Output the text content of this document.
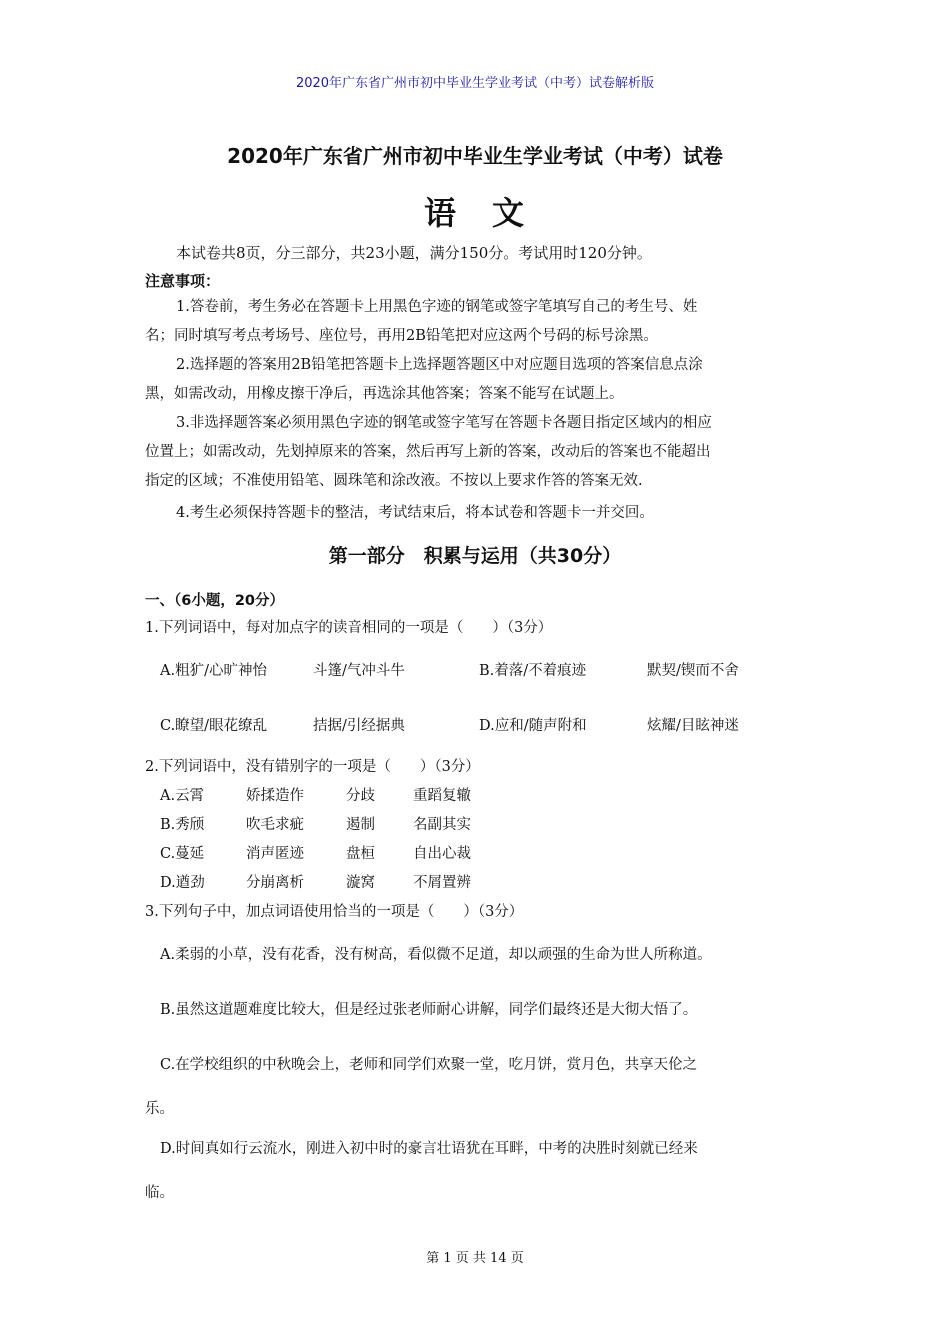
2020年广东省广州市初中毕业生学业考试（中考）试卷解析版
2020年广东省广州市初中毕业生学业考试（中考）试卷
语　文
本试卷共8页，分三部分，共23小题，满分150分。考试用时120分钟。
注意事项：
1.答卷前，考生务必在答题卡上用黑色字迹的钢笔或签字笔填写自己的考生号、姓
名；同时填写考点考场号、座位号，再用2B铅笔把对应这两个号码的标号涂黑。
2.选择题的答案用2B铅笔把答题卡上选择题答题区中对应题目选项的答案信息点涂
黑，如需改动，用橡皮擦干净后，再选涂其他答案；答案不能写在试题上。
3.非选择题答案必须用黑色字迹的钢笔或签字笔写在答题卡各题目指定区域内的相应
位置上；如需改动，先划掉原来的答案，然后再写上新的答案，改动后的答案也不能超出
指定的区域；不准使用铅笔、圆珠笔和涂改液。不按以上要求作答的答案无效.
4.考生必须保持答题卡的整洁，考试结束后，将本试卷和答题卡一并交回。
第一部分　积累与运用（共30分）
一、（6小题，20分）
1.下列词语中，每对加点字的读音相同的一项是（　　）（3分）
A.粗犷/心旷神怡	斗篷/气冲斗牛	B.着落/不着痕迹	默契/锲而不舍
C.瞭望/眼花缭乱	拮据/引经据典	D.应和/随声附和	炫耀/目眩神迷
2.下列词语中，没有错别字的一项是（　　）（3分）
A.云霄	娇揉造作	分歧	重蹈复辙
B.秀颀	吹毛求疵	遏制	名副其实
C.蔓延	消声匿迹	盘桓	自出心裁
D.遒劲	分崩离析	漩窝	不屑置辨
3.下列句子中，加点词语使用恰当的一项是（　　）（3分）
A.柔弱的小草，没有花香，没有树高，看似微不足道，却以顽强的生命为世人所称道。
B.虽然这道题难度比较大，但是经过张老师耐心讲解，同学们最终还是大彻大悟了。
C.在学校组织的中秋晚会上，老师和同学们欢聚一堂，吃月饼，赏月色，共享天伦之
乐。
D.时间真如行云流水，刚进入初中时的豪言壮语犹在耳畔，中考的决胜时刻就已经来
临。
第 1 页 共 14 页
